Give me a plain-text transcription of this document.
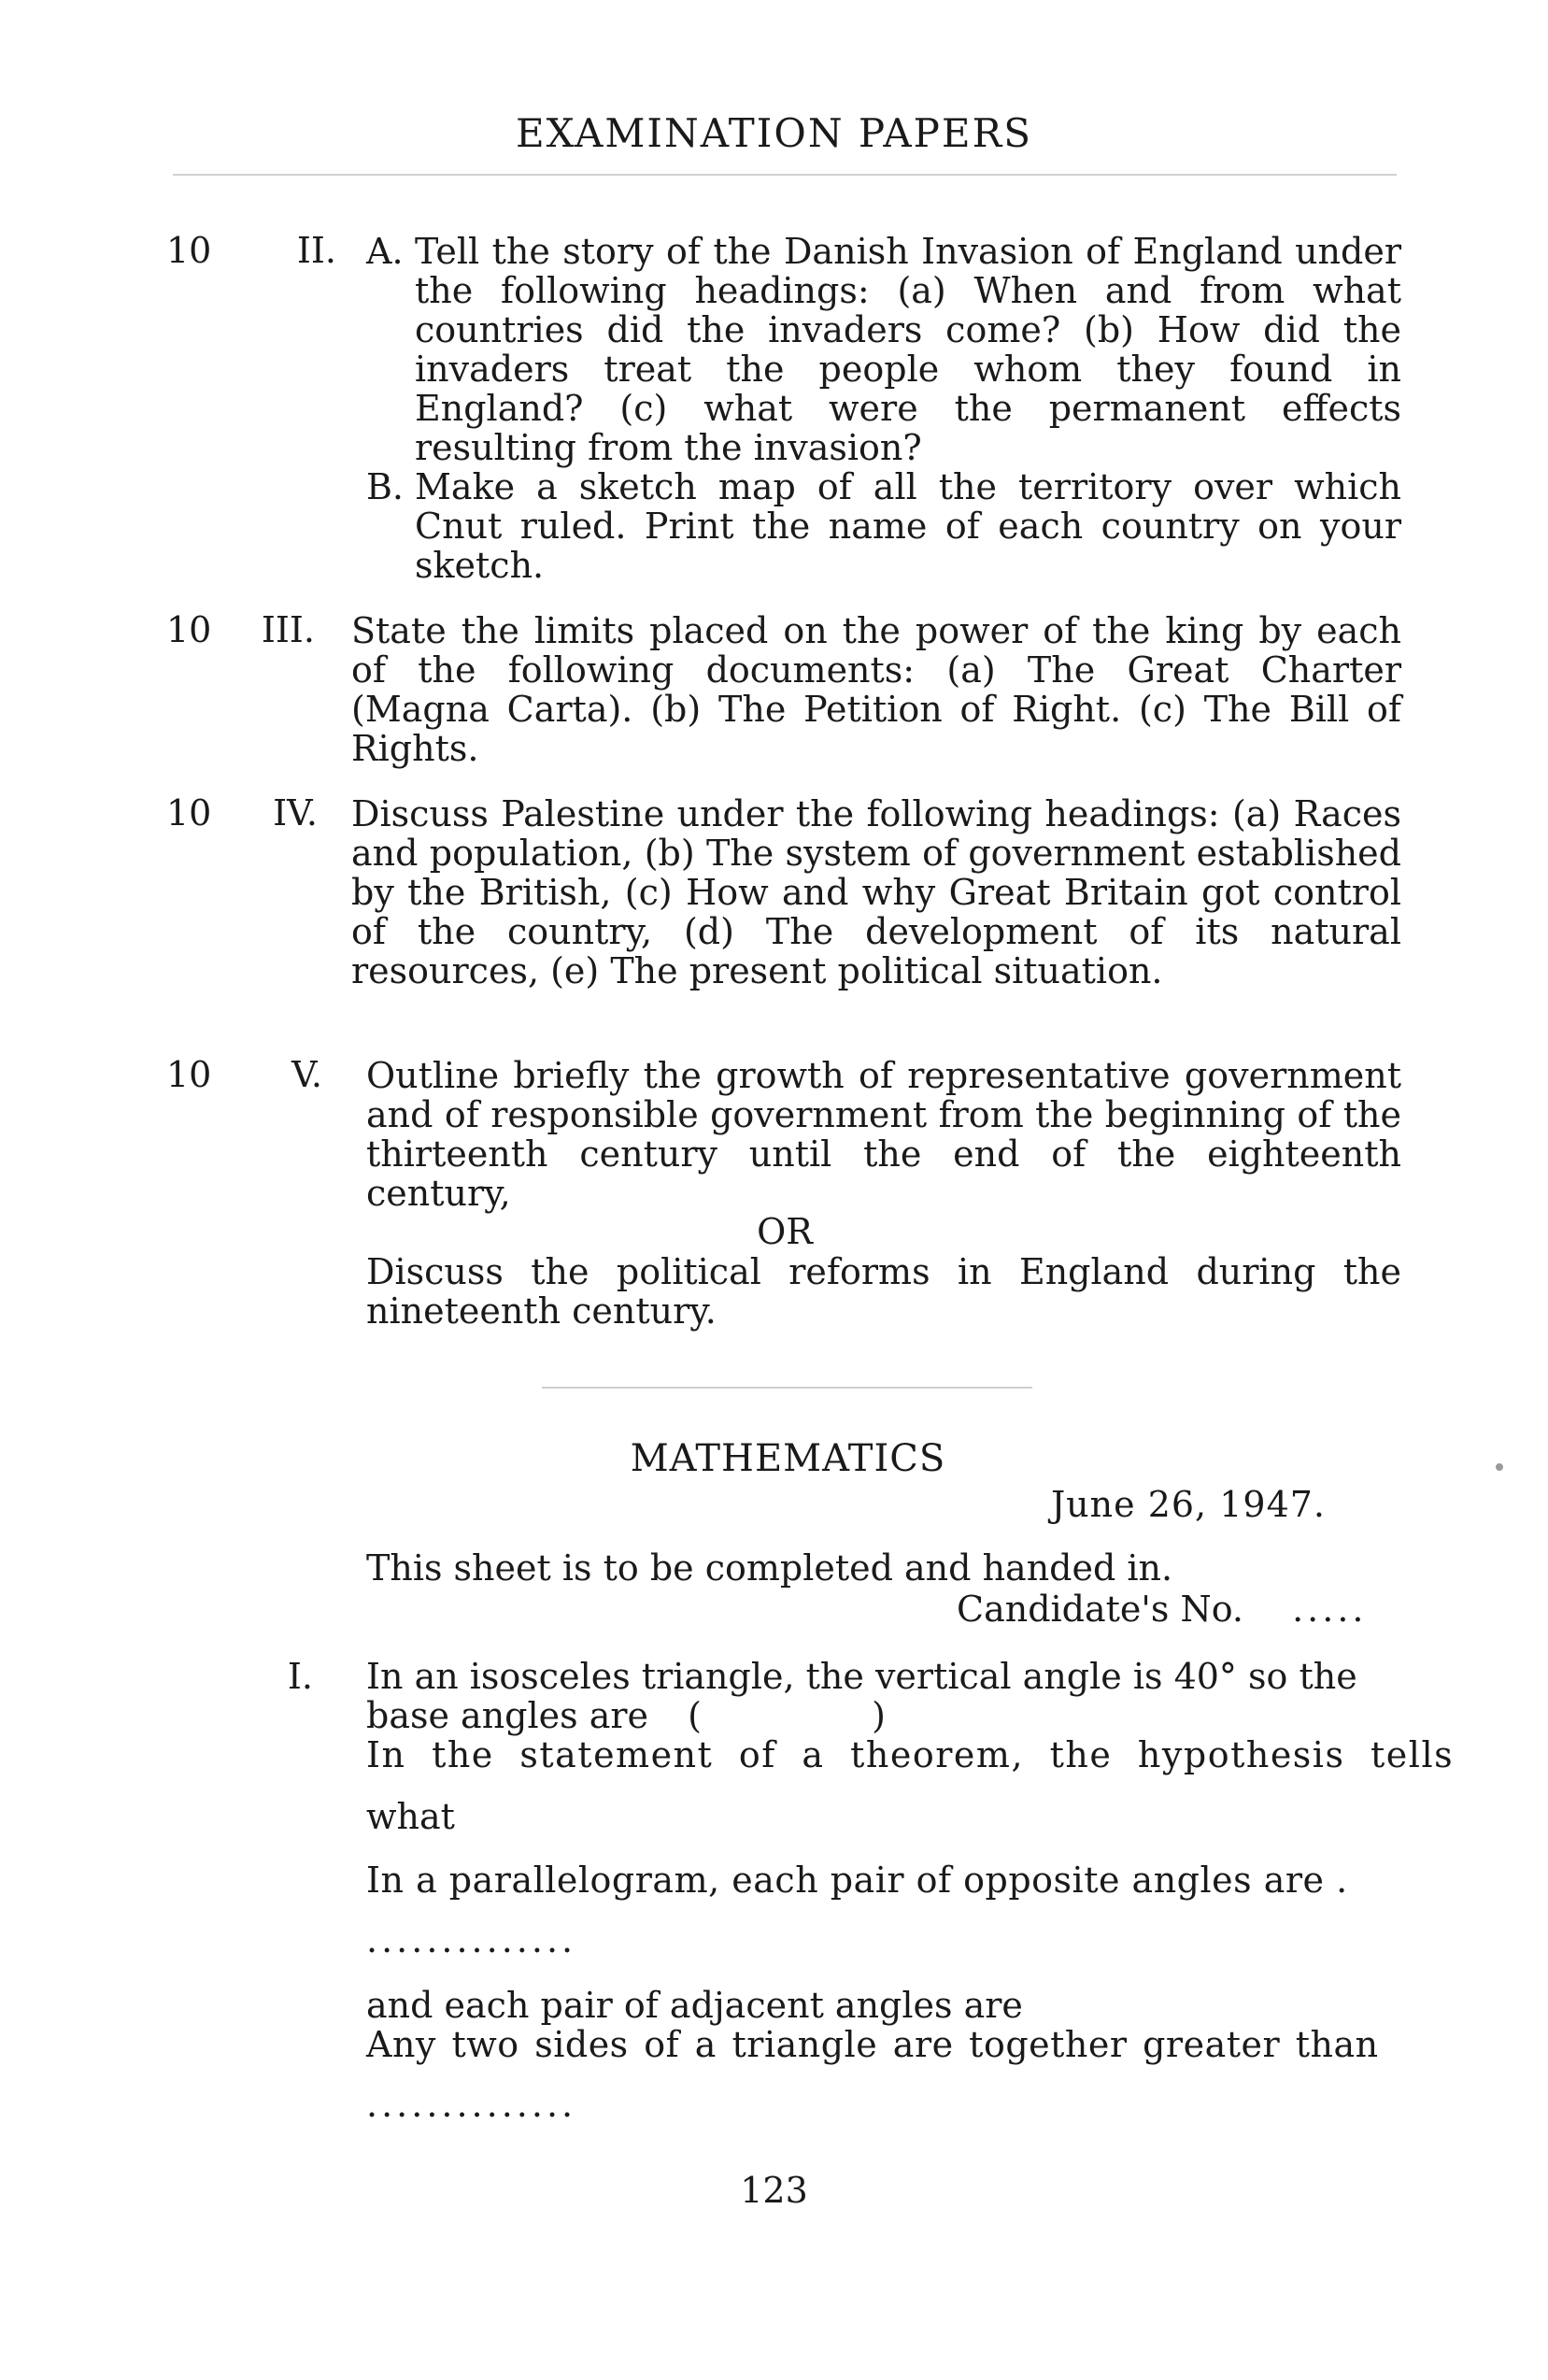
EXAMINATION PAPERS
10	II. A. Tell the story of the Danish Invasion of England under the following headings: (a) When and from what countries did the invaders come? (b) How did the invaders treat the people whom they found in England? (c) what were the permanent effects resulting from the invasion?

B. Make a sketch map of all the territory over which Cnut ruled. Print the name of each country on your sketch.

10	III. State the limits placed on the power of the king by each of the following documents: (a) The Great Charter (Magna Carta). (b) The Petition of Right. (c) The Bill of Rights.
10	IV. Discuss Palestine under the following headings: (a) Races and population, (b) The system of government established by the British, (c) How and why Great Britain got control of the country, (d) The development of its natural resources, (e) The present political situation.
10	V. Outline briefly the growth of representative government and of responsible government from the beginning of the thirteenth century until the end of the eighteenth century,
OR
Discuss the political reforms in England during the nineteenth century.
MATHEMATICS
June 26, 1947.
This sheet is to be completed and handed in.
Candidate's No. .....
I. In an isosceles triangle, the vertical angle is 40° so the
base angles are (	)
In the statement of a theorem, the hypothesis tells
what
In a parallelogram, each pair of opposite angles are .
..............
and each pair of adjacent angles are
Any two sides of a triangle are together greater than
..............
123
